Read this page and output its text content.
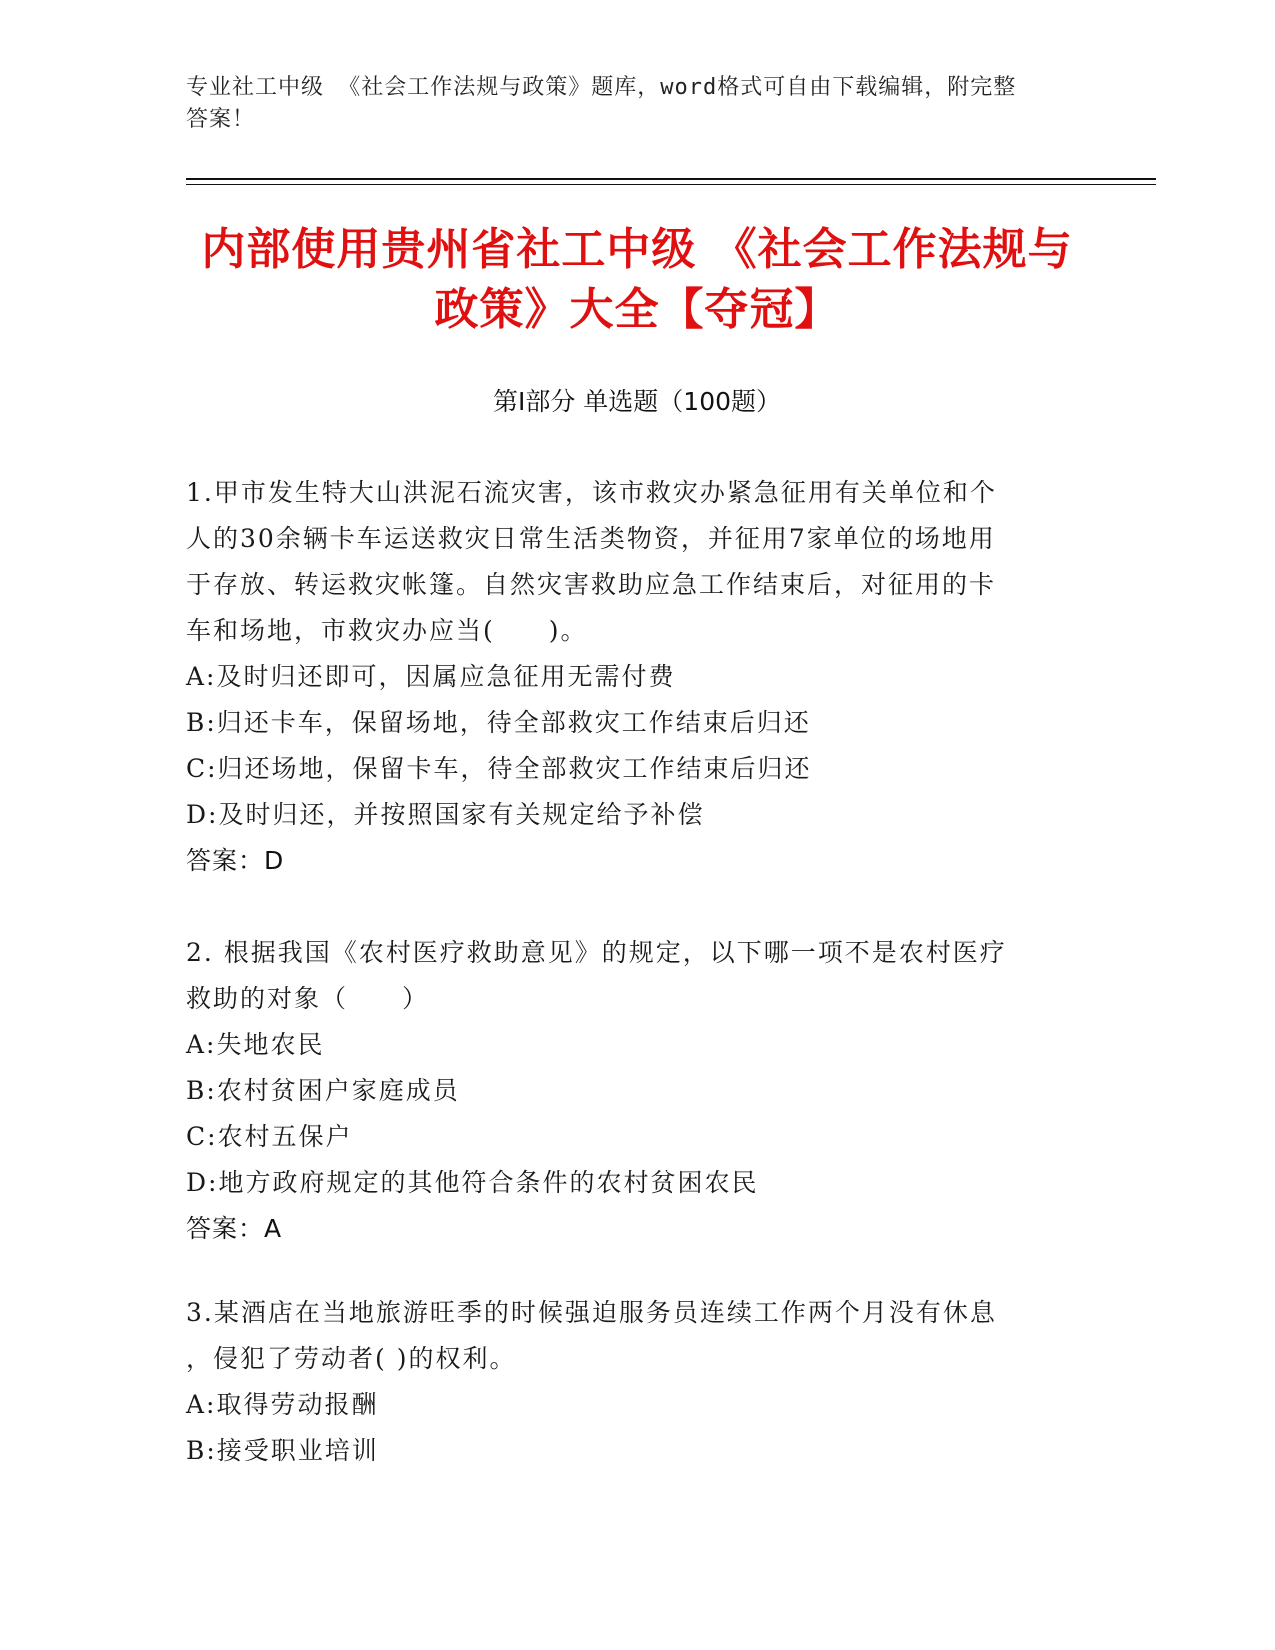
专业社工中级 《社会工作法规与政策》题库，word格式可自由下载编辑，附完整
答案！
内部使用贵州省社工中级 《社会工作法规与
政策》大全【夺冠】
第Ⅰ部分 单选题（100题）
1.甲市发生特大山洪泥石流灾害，该市救灾办紧急征用有关单位和个
人的30余辆卡车运送救灾日常生活类物资，并征用7家单位的场地用
于存放、转运救灾帐篷。自然灾害救助应急工作结束后，对征用的卡
车和场地，市救灾办应当(　　)。
A:及时归还即可，因属应急征用无需付费
B:归还卡车，保留场地，待全部救灾工作结束后归还
C:归还场地，保留卡车，待全部救灾工作结束后归还
D:及时归还，并按照国家有关规定给予补偿
答案：D
2. 根据我国《农村医疗救助意见》的规定，以下哪一项不是农村医疗
救助的对象（　　）
A:失地农民
B:农村贫困户家庭成员
C:农村五保户
D:地方政府规定的其他符合条件的农村贫困农民
答案：A
3.某酒店在当地旅游旺季的时候强迫服务员连续工作两个月没有休息
，侵犯了劳动者( )的权利。
A:取得劳动报酬
B:接受职业培训
